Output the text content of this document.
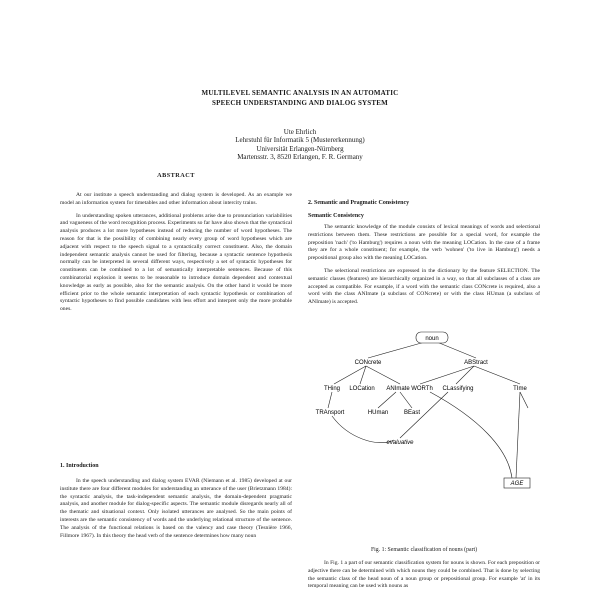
MULTILEVEL SEMANTIC ANALYSIS IN AN AUTOMATIC
SPEECH UNDERSTANDING AND DIALOG SYSTEM
Ute Ehrlich
Lehrstuhl für Informatik 5 (Mustererkennung)
Universität Erlangen-Nürnberg
Martensstr. 3, 8520 Erlangen, F. R. Germany
ABSTRACT

At our institute a speech understanding and dialog system is developed. As an example we model an information system for timetables and other information about intercity trains.

In understanding spoken utterances, additional problems arise due to pronunciation variabilities and vagueness of the word recognition process. Experiments so far have also shown that the syntactical analysis produces a lot more hypotheses instead of reducing the number of word hypotheses. The reason for that is the possibility of combining nearly every group of word hypotheses which are adjacent with respect to the speech signal to a syntactically correct constituent. Also, the domain independent semantic analysis cannot be used for filtering, because a syntactic sentence hypothesis normally can be interpreted in several different ways, respectively a set of syntactic hypotheses for constituents can be combined to a lot of semantically interpretable sentences. Because of this combinatorial explosion it seems to be reasonable to introduce domain dependent and contextual knowledge as early as possible, also for the semantic analysis. On the other hand it would be more efficient prior to the whole semantic interpretation of each syntactic hypothesis or combination of syntactic hypotheses to find possible candidates with less effort and interpret only the more probable ones.

1. Introduction

In the speech understanding and dialog system EVAR (Niemann et al. 1985) developed at our institute there are four different modules for understanding an utterance of the user (Brietzmann 1984): the syntactic analysis, the task-independent semantic analysis, the domain-dependent pragmatic analysis, and another module for dialog-specific aspects. The semantic module disregards nearly all of the thematic and situational context. Only isolated utterances are analysed. So the main points of interests are the semantic consistency of words and the underlying relational structure of the sentence. The analysis of the functional relations is based on the valency and case theory (Tesnière 1966, Fillmore 1967). In this theory the head verb of the sentence determines how many noun

2. Semantic and Pragmatic Consistency
Semantic Consistency

The semantic knowledge of the module consists of lexical meanings of words and selectional restrictions between them. These restrictions are possible for a special word, for example the preposition 'nach' ('to Hamburg') requires a noun with the meaning LOCation. In the case of a frame they are for a whole constituent; for example, the verb 'wohnen' ('to live in Hamburg') needs a prepositional group also with the meaning LOCation.

The selectional restrictions are expressed in the dictionary by the feature SELECTION. The semantic classes (features) are hierarchically organized in a way, so that all subclasses of a class are accepted as compatible. For example, if a word with the semantic class CONcrete is required, also a word with the class ANImate (a subclass of CONcrete) or with the class HUman (a subclass of ANImate) is accepted.

noun
CONcrete	ABStract
THing LOCation ANImate WORTh CLassifying	TIme
TRAnsport	HUman	BEast
evaluative
AGE
Fig. 1: Semantic classification of nouns (part)

In Fig. 1 a part of our semantic classification system for nouns is shown. For each preposition or adjective there can be determined with which nouns they could be combined. That is done by selecting the semantic class of the head noun of a noun group or prepositional group. For example 'at' in its temporal meaning can be used with nouns as
